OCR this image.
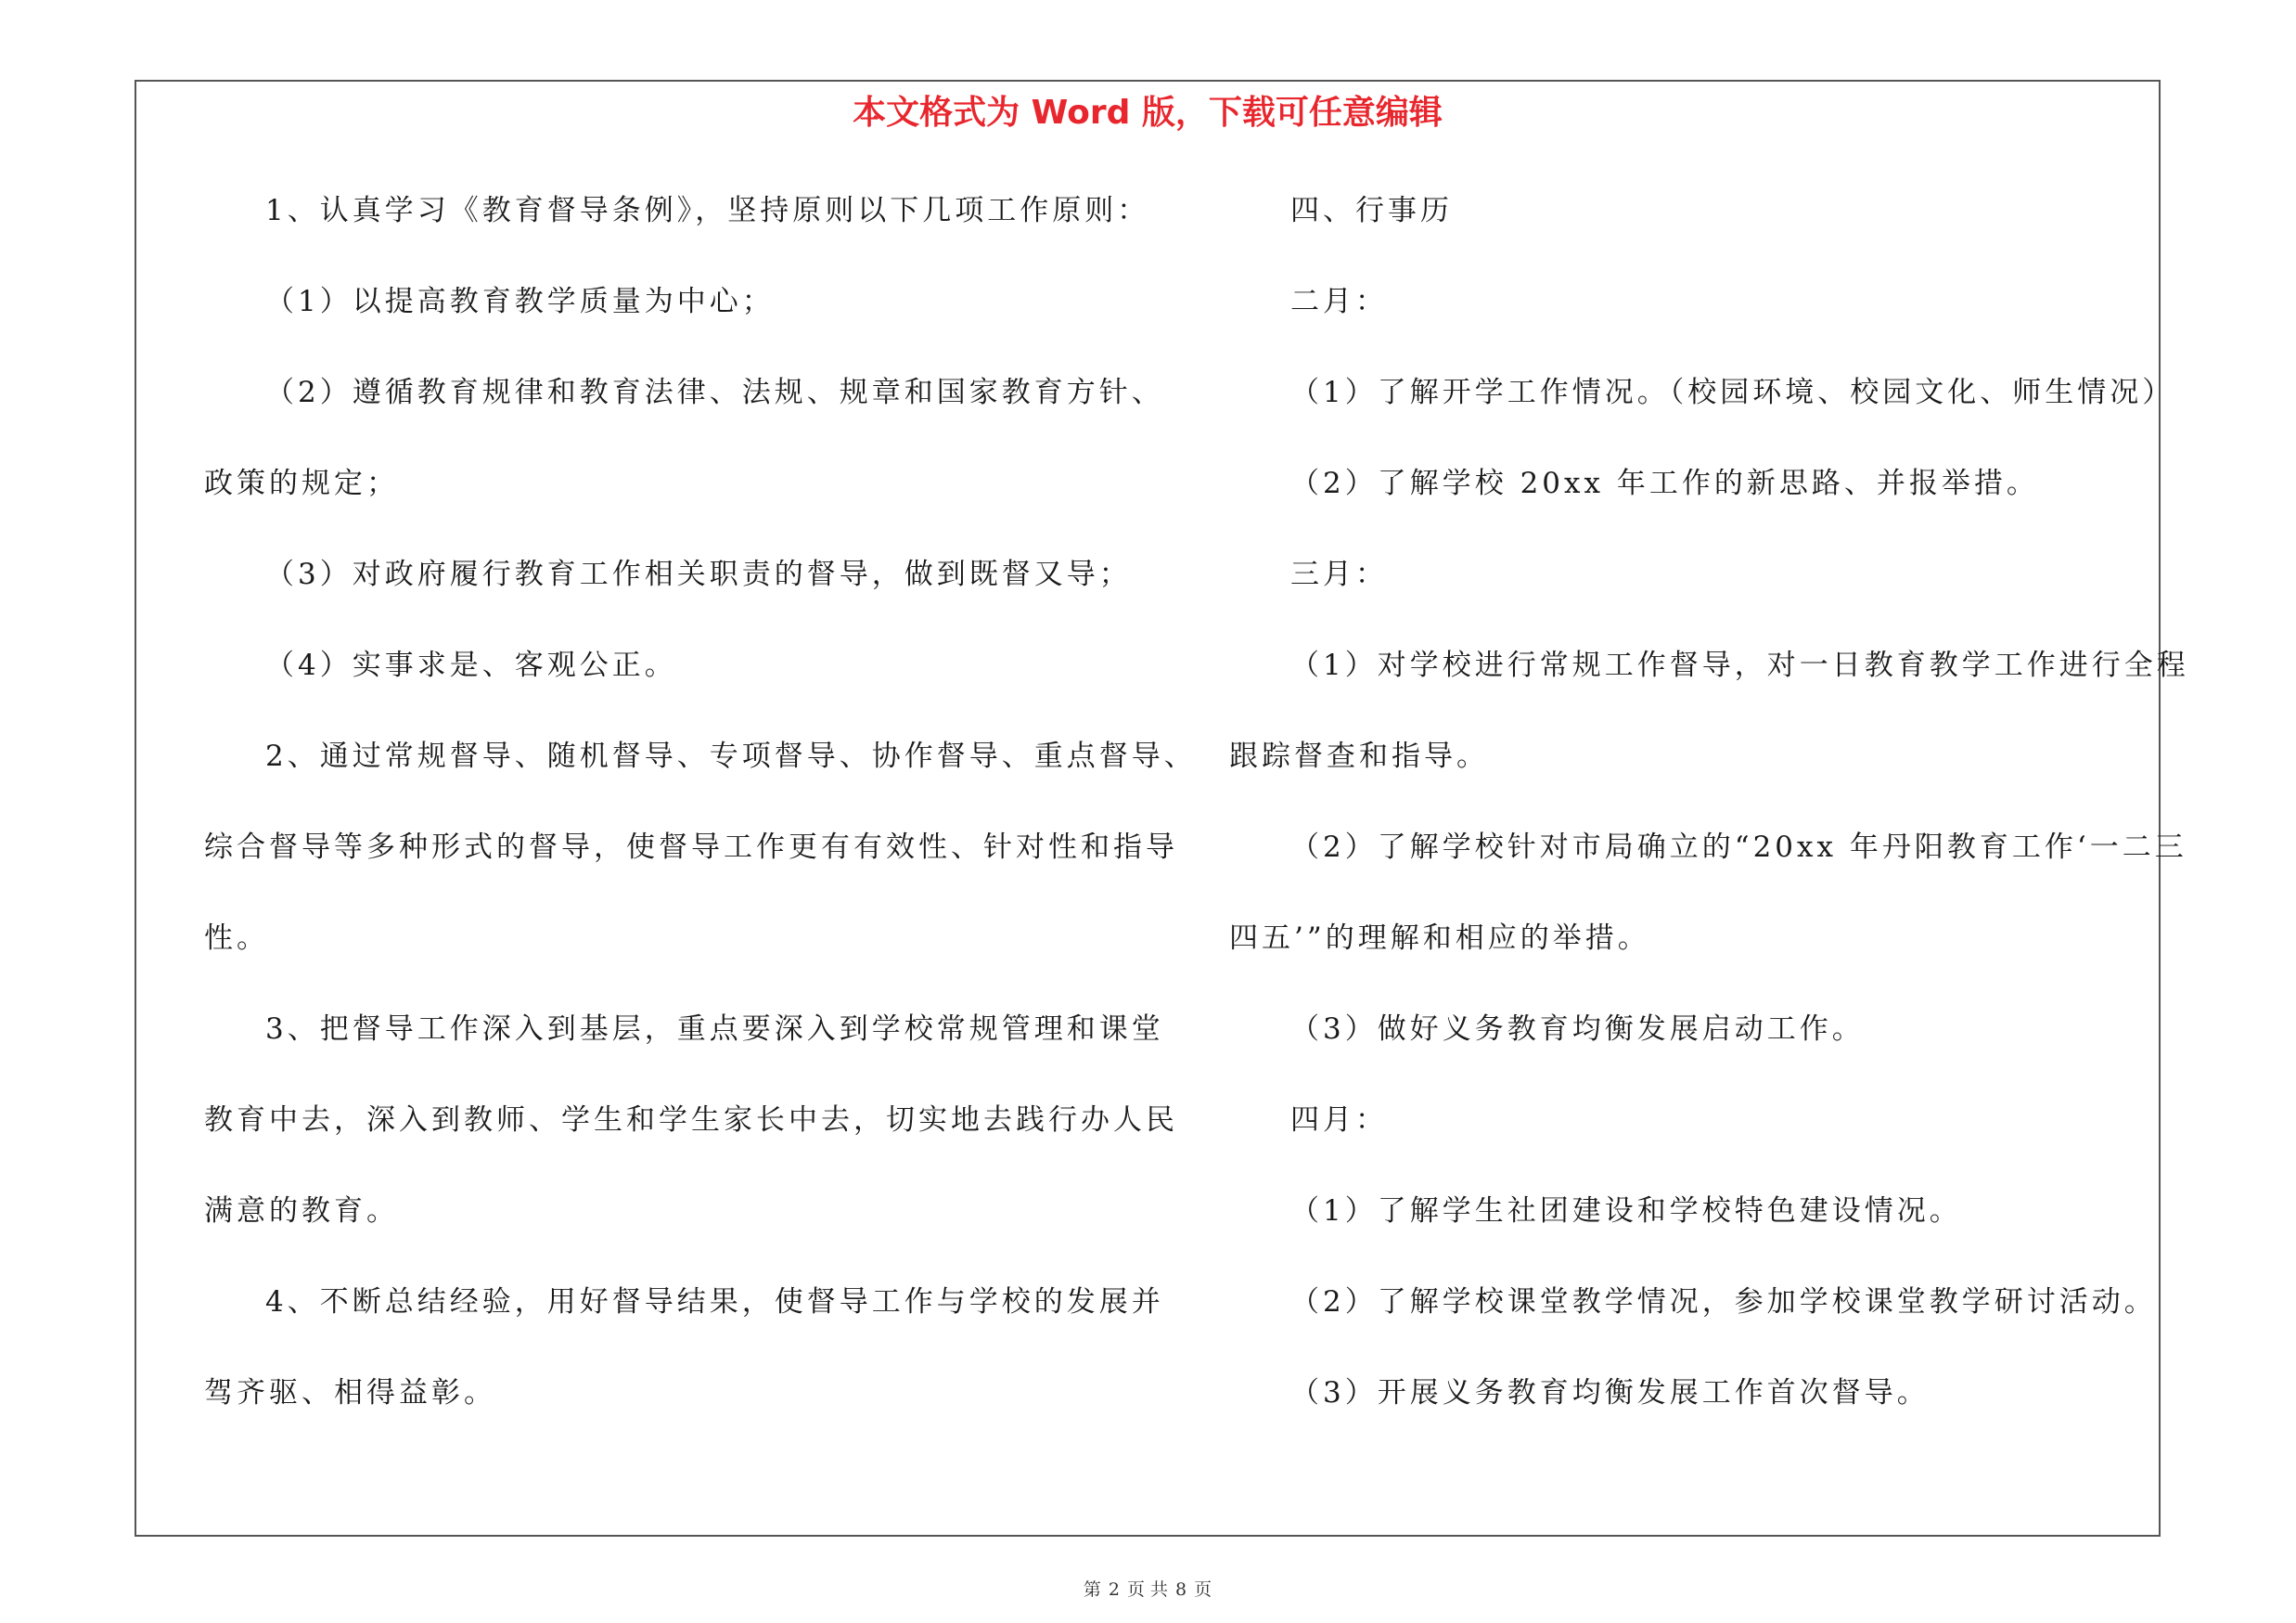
本文格式为 Word 版，下载可任意编辑
第 2 页 共 8 页
1、认真学习《教育督导条例》，坚持原则以下几项工作原则：
（1）以提高教育教学质量为中心；
（2）遵循教育规律和教育法律、法规、规章和国家教育方针、
政策的规定；
（3）对政府履行教育工作相关职责的督导，做到既督又导；
（4）实事求是、客观公正。
2、通过常规督导、随机督导、专项督导、协作督导、重点督导、
综合督导等多种形式的督导，使督导工作更有有效性、针对性和指导
性。
3、把督导工作深入到基层，重点要深入到学校常规管理和课堂
教育中去，深入到教师、学生和学生家长中去，切实地去践行办人民
满意的教育。
4、不断总结经验，用好督导结果，使督导工作与学校的发展并
驾齐驱、相得益彰。
四、行事历
二月：
（1）了解开学工作情况。（校园环境、校园文化、师生情况）
（2）了解学校 20xx 年工作的新思路、并报举措。
三月：
（1）对学校进行常规工作督导，对一日教育教学工作进行全程
跟踪督查和指导。
（2）了解学校针对市局确立的“20xx 年丹阳教育工作‘一二三
四五’”的理解和相应的举措。
（3）做好义务教育均衡发展启动工作。
四月：
（1）了解学生社团建设和学校特色建设情况。
（2）了解学校课堂教学情况，参加学校课堂教学研讨活动。
（3）开展义务教育均衡发展工作首次督导。
